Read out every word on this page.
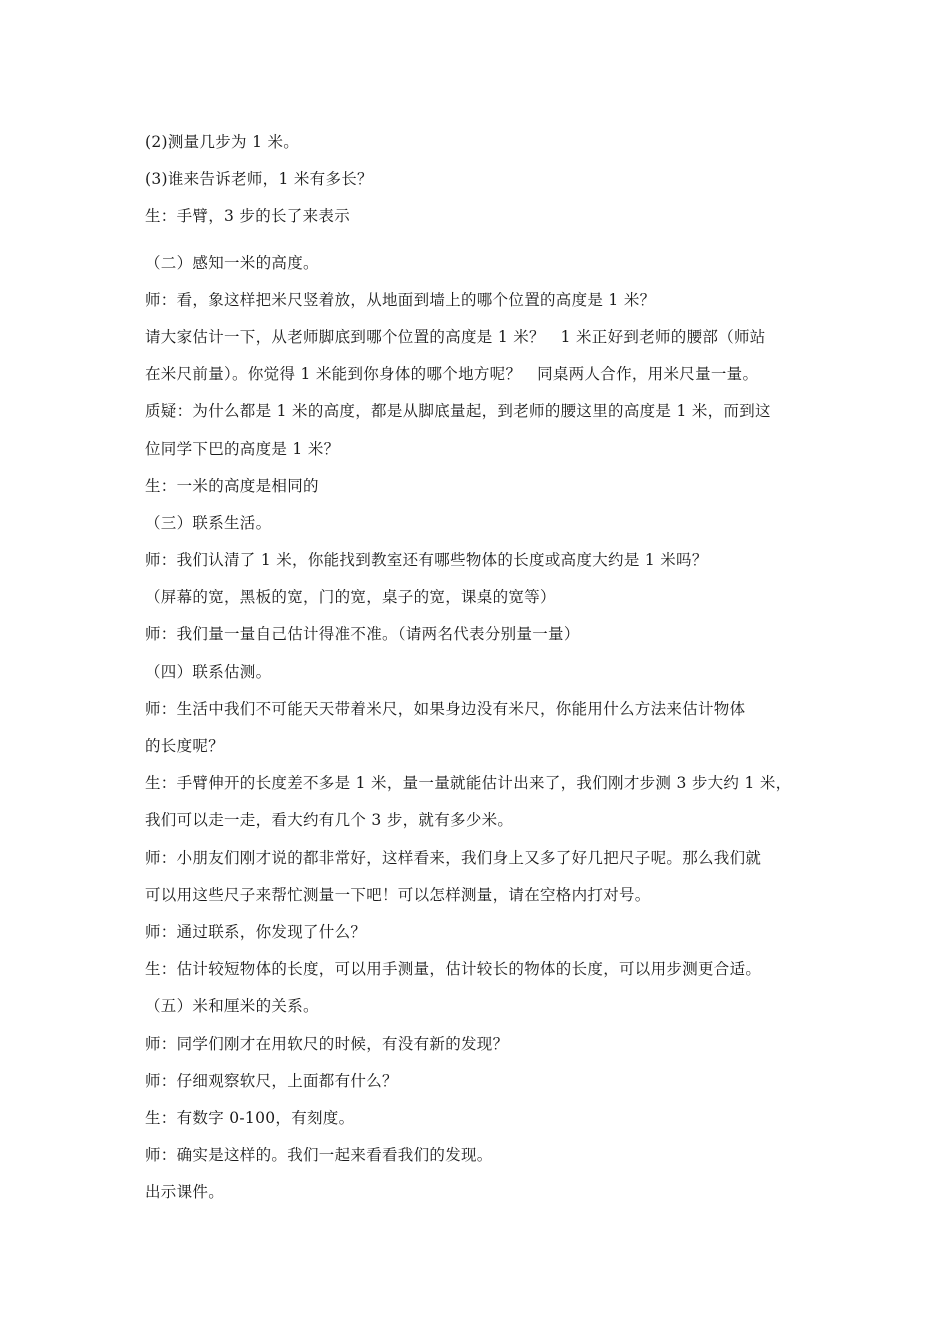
(2)测量几步为 1 米。
(3)谁来告诉老师，1 米有多长？
生：手臂，3 步的长了来表示
（二）感知一米的高度。
师：看，象这样把米尺竖着放，从地面到墙上的哪个位置的高度是 1 米？
请大家估计一下，从老师脚底到哪个位置的高度是 1 米？　1 米正好到老师的腰部（师站
在米尺前量）。你觉得 1 米能到你身体的哪个地方呢？　同桌两人合作，用米尺量一量。
质疑：为什么都是 1 米的高度，都是从脚底量起，到老师的腰这里的高度是 1 米，而到这
位同学下巴的高度是 1 米？
生：一米的高度是相同的
（三）联系生活。
师：我们认清了 1 米，你能找到教室还有哪些物体的长度或高度大约是 1 米吗？
（屏幕的宽，黑板的宽，门的宽，桌子的宽，课桌的宽等）
师：我们量一量自己估计得准不准。（请两名代表分别量一量）
（四）联系估测。
师：生活中我们不可能天天带着米尺，如果身边没有米尺，你能用什么方法来估计物体
的长度呢？
生：手臂伸开的长度差不多是 1 米，量一量就能估计出来了，我们刚才步测 3 步大约 1 米，
我们可以走一走，看大约有几个 3 步，就有多少米。
师：小朋友们刚才说的都非常好，这样看来，我们身上又多了好几把尺子呢。那么我们就
可以用这些尺子来帮忙测量一下吧！可以怎样测量，请在空格内打对号。
师：通过联系，你发现了什么？
生：估计较短物体的长度，可以用手测量，估计较长的物体的长度，可以用步测更合适。
（五）米和厘米的关系。
师：同学们刚才在用软尺的时候，有没有新的发现？
师：仔细观察软尺，上面都有什么？
生：有数字 0-100，有刻度。
师：确实是这样的。我们一起来看看我们的发现。
出示课件。
